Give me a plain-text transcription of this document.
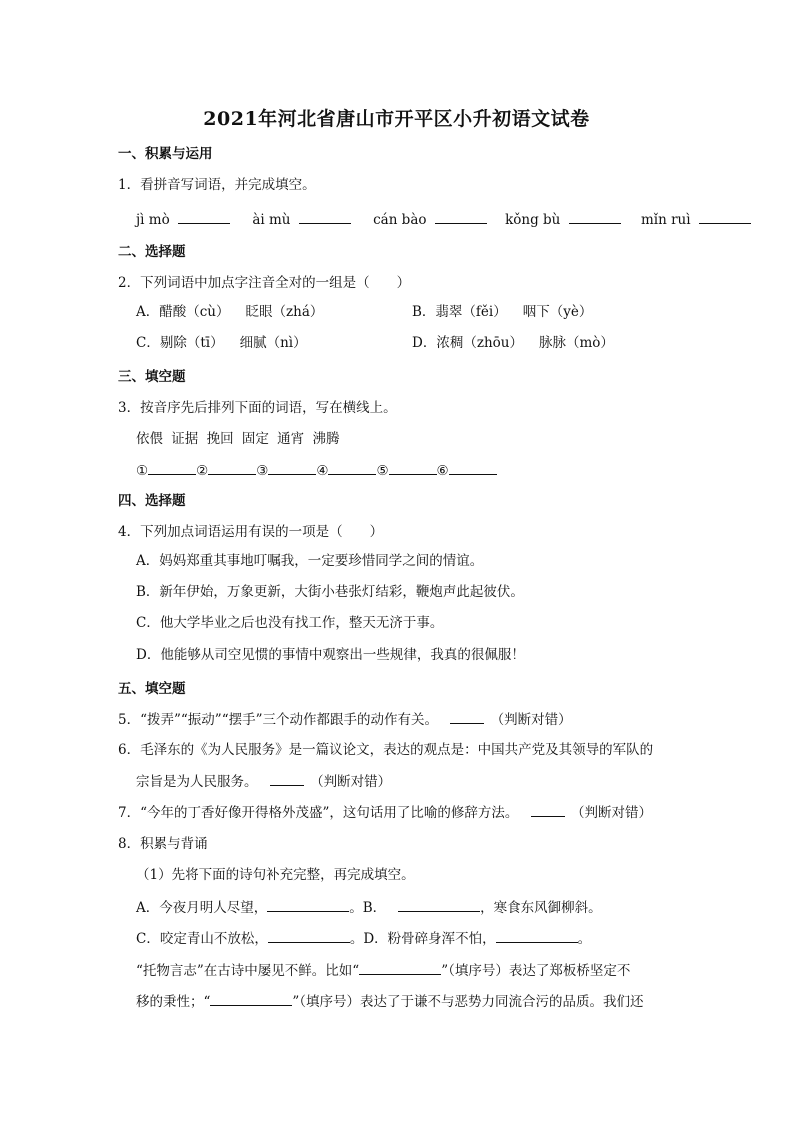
2021年河北省唐山市开平区小升初语文试卷
一、积累与运用
1．看拼音写词语，并完成填空。
jì mò	ài mù	cán bào	kǒng bù	mǐn ruì
二、选择题
2．下列词语中加点字注音全对的一组是（　　）
A．醋酸（cù） 眨眼（zhá）	B．翡翠（fěi） 咽下（yè）
C．剔除（tī） 细腻（nì）	D．浓稠（zhōu） 脉脉（mò）
三、填空题
3．按音序先后排列下面的词语，写在横线上。
依偎 证据 挽回 固定 通宵 沸腾
①	②	③	④	⑤	⑥
四、选择题
4．下列加点词语运用有误的一项是（　　）
A．妈妈郑重其事地叮嘱我，一定要珍惜同学之间的情谊。
B．新年伊始，万象更新，大街小巷张灯结彩，鞭炮声此起彼伏。
C．他大学毕业之后也没有找工作，整天无济于事。
D．他能够从司空见惯的事情中观察出一些规律，我真的很佩服！
五、填空题
5．“拨弄”“振动”“摆手”三个动作都跟手的动作有关。	（判断对错）
6．毛泽东的《为人民服务》是一篇议论文，表达的观点是：中国共产党及其领导的军队的
宗旨是为人民服务。	（判断对错）
7．“今年的丁香好像开得格外茂盛”，这句话用了比喻的修辞方法。	（判断对错）
8．积累与背诵
（1）先将下面的诗句补充完整，再完成填空。
A．今夜月明人尽望，	。B．	，寒食东风御柳斜。
C．咬定青山不放松，	。D．粉骨碎身浑不怕，	。
“托物言志”在古诗中屡见不鲜。比如“	”（填序号）表达了郑板桥坚定不
移的秉性；“	”（填序号）表达了于谦不与恶势力同流合污的品质。我们还
